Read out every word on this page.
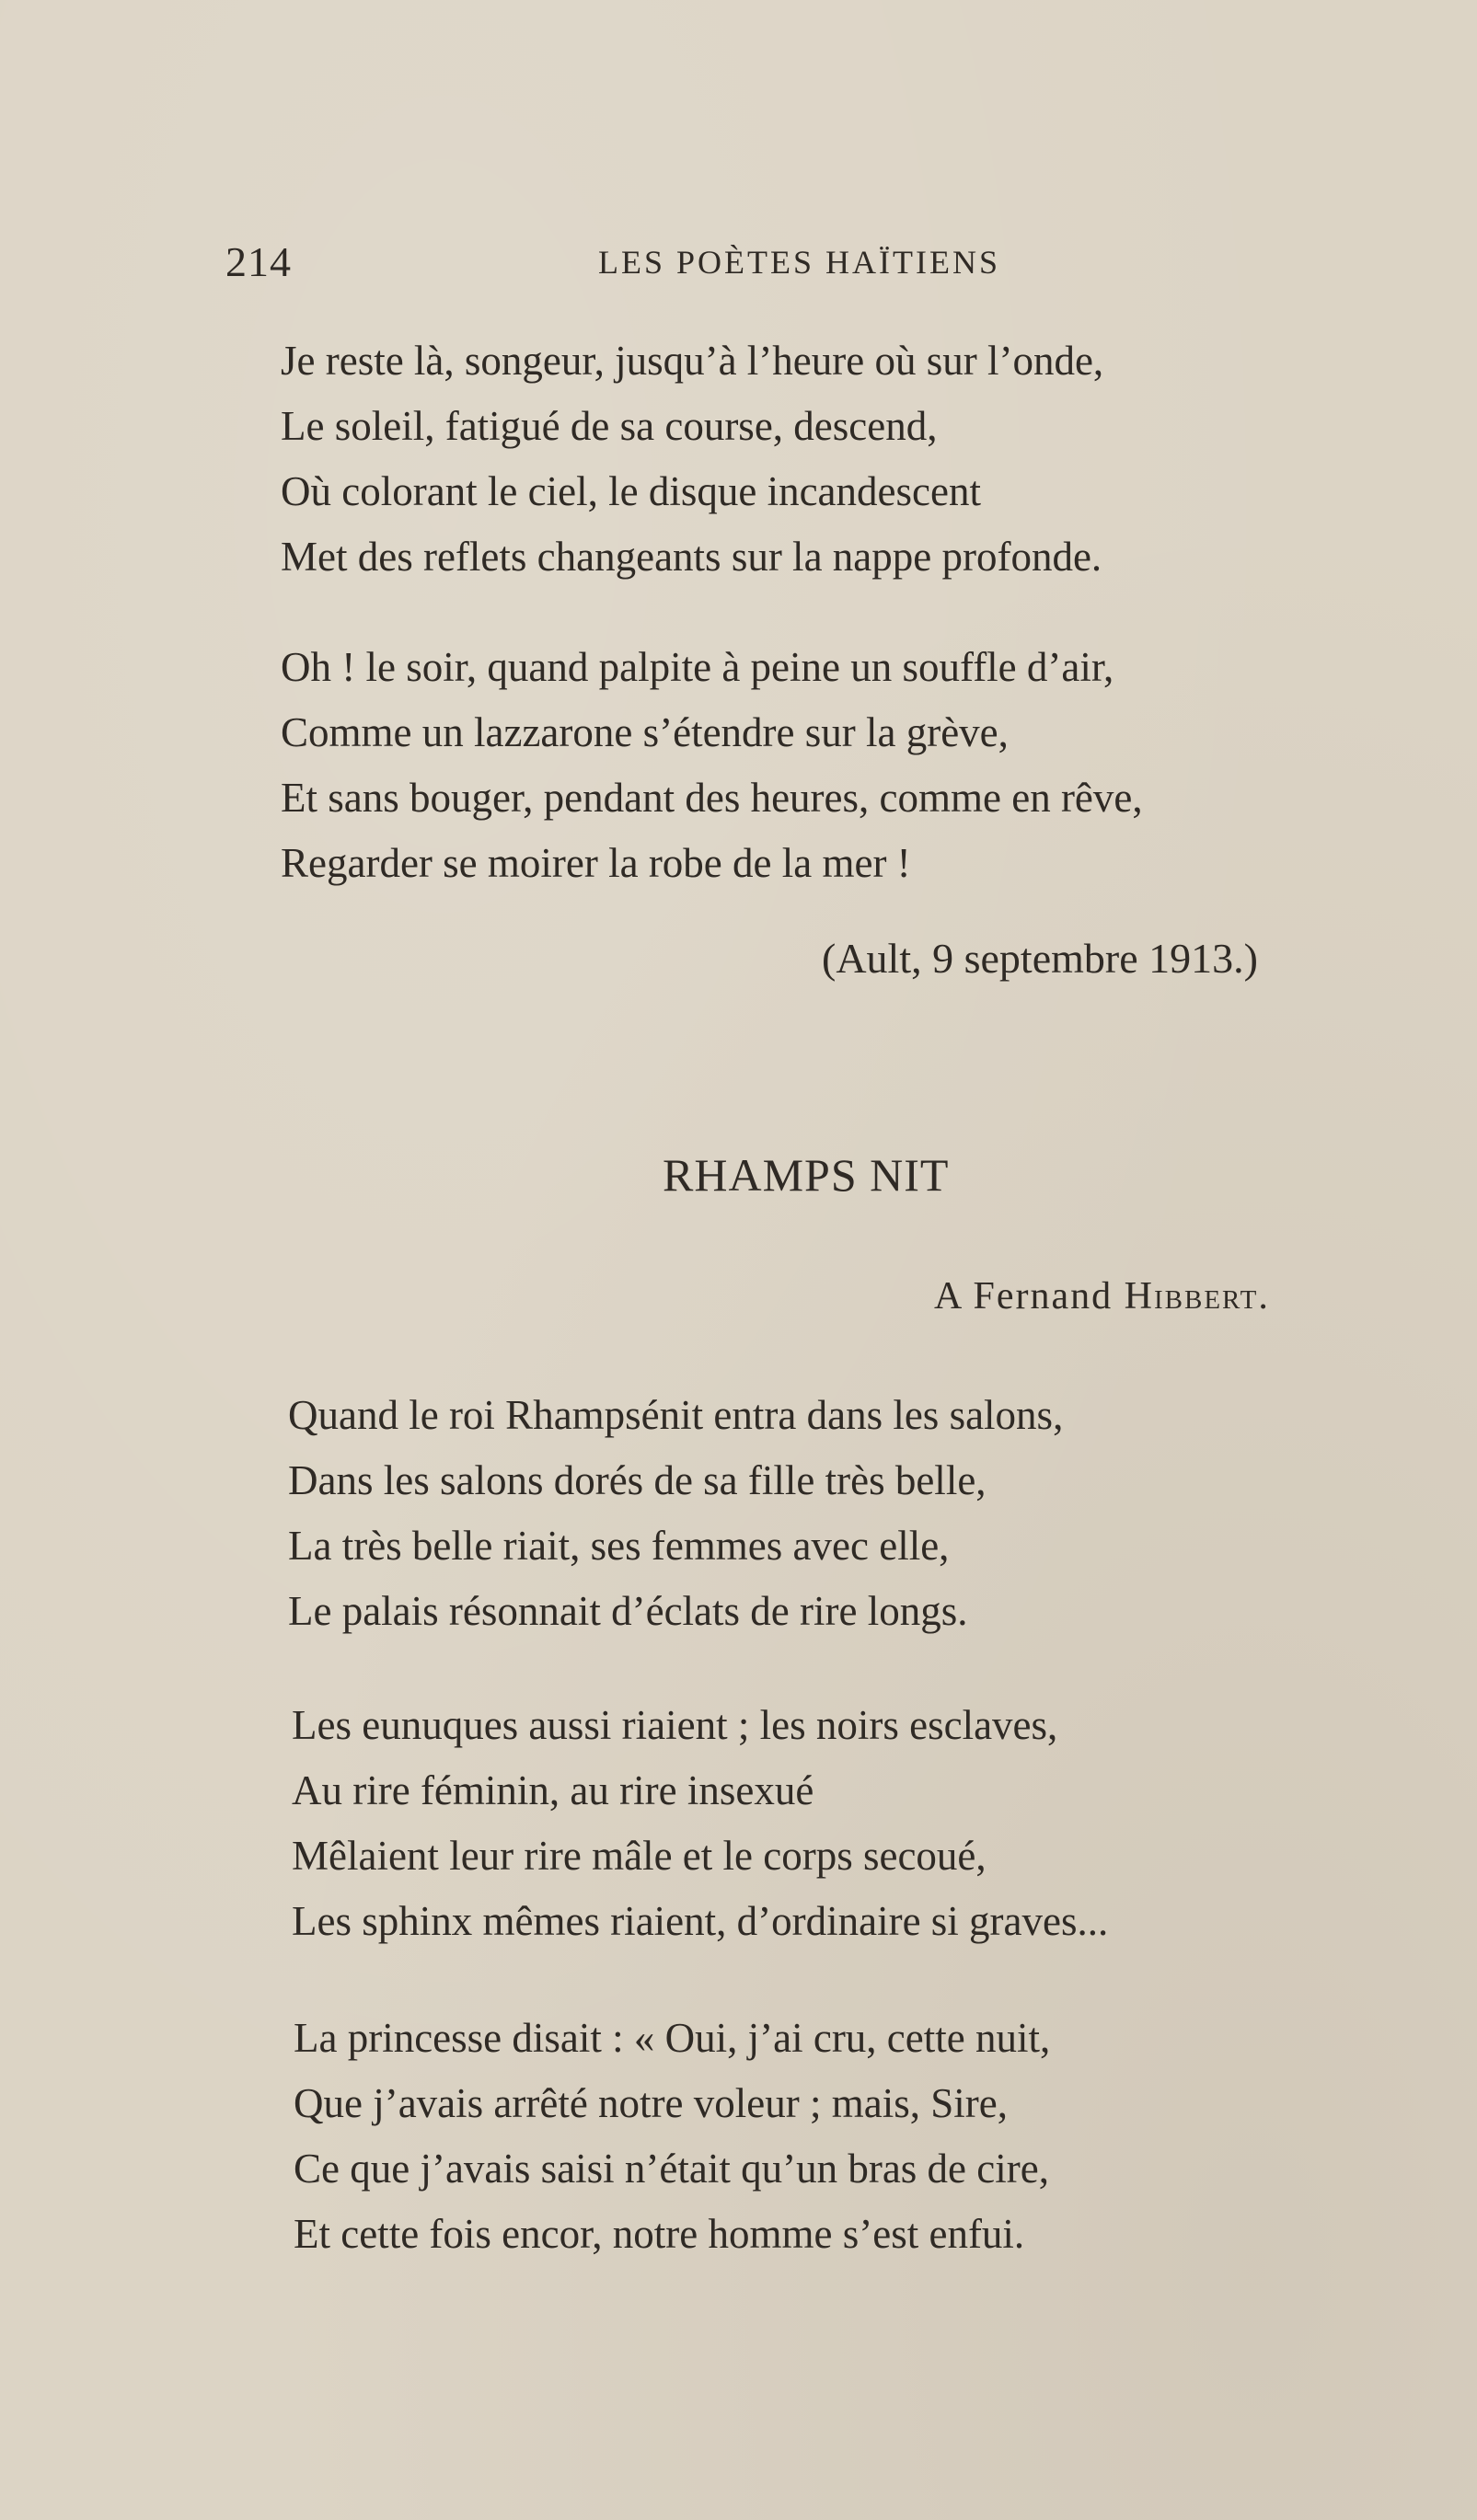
214	LES POÈTES HAÏTIENS
Je reste là, songeur, jusqu’à l’heure où sur l’onde,
Le soleil, fatigué de sa course, descend,
Où colorant le ciel, le disque incandescent
Met des reflets changeants sur la nappe profonde.
Oh ! le soir, quand palpite à peine un souffle d’air,
Comme un lazzarone s’étendre sur la grève,
Et sans bouger, pendant des heures, comme en rêve,
Regarder se moirer la robe de la mer !
(Ault, 9 septembre 1913.)
RHAMPS NIT
A Fernand Hibbert.
Quand le roi Rhampsénit entra dans les salons,
Dans les salons dorés de sa fille très belle,
La très belle riait, ses femmes avec elle,
Le palais résonnait d’éclats de rire longs.
Les eunuques aussi riaient ; les noirs esclaves,
Au rire féminin, au rire insexué
Mêlaient leur rire mâle et le corps secoué,
Les sphinx mêmes riaient, d’ordinaire si graves...
La princesse disait : « Oui, j’ai cru, cette nuit,
Que j’avais arrêté notre voleur ; mais, Sire,
Ce que j’avais saisi n’était qu’un bras de cire,
Et cette fois encor, notre homme s’est enfui.
